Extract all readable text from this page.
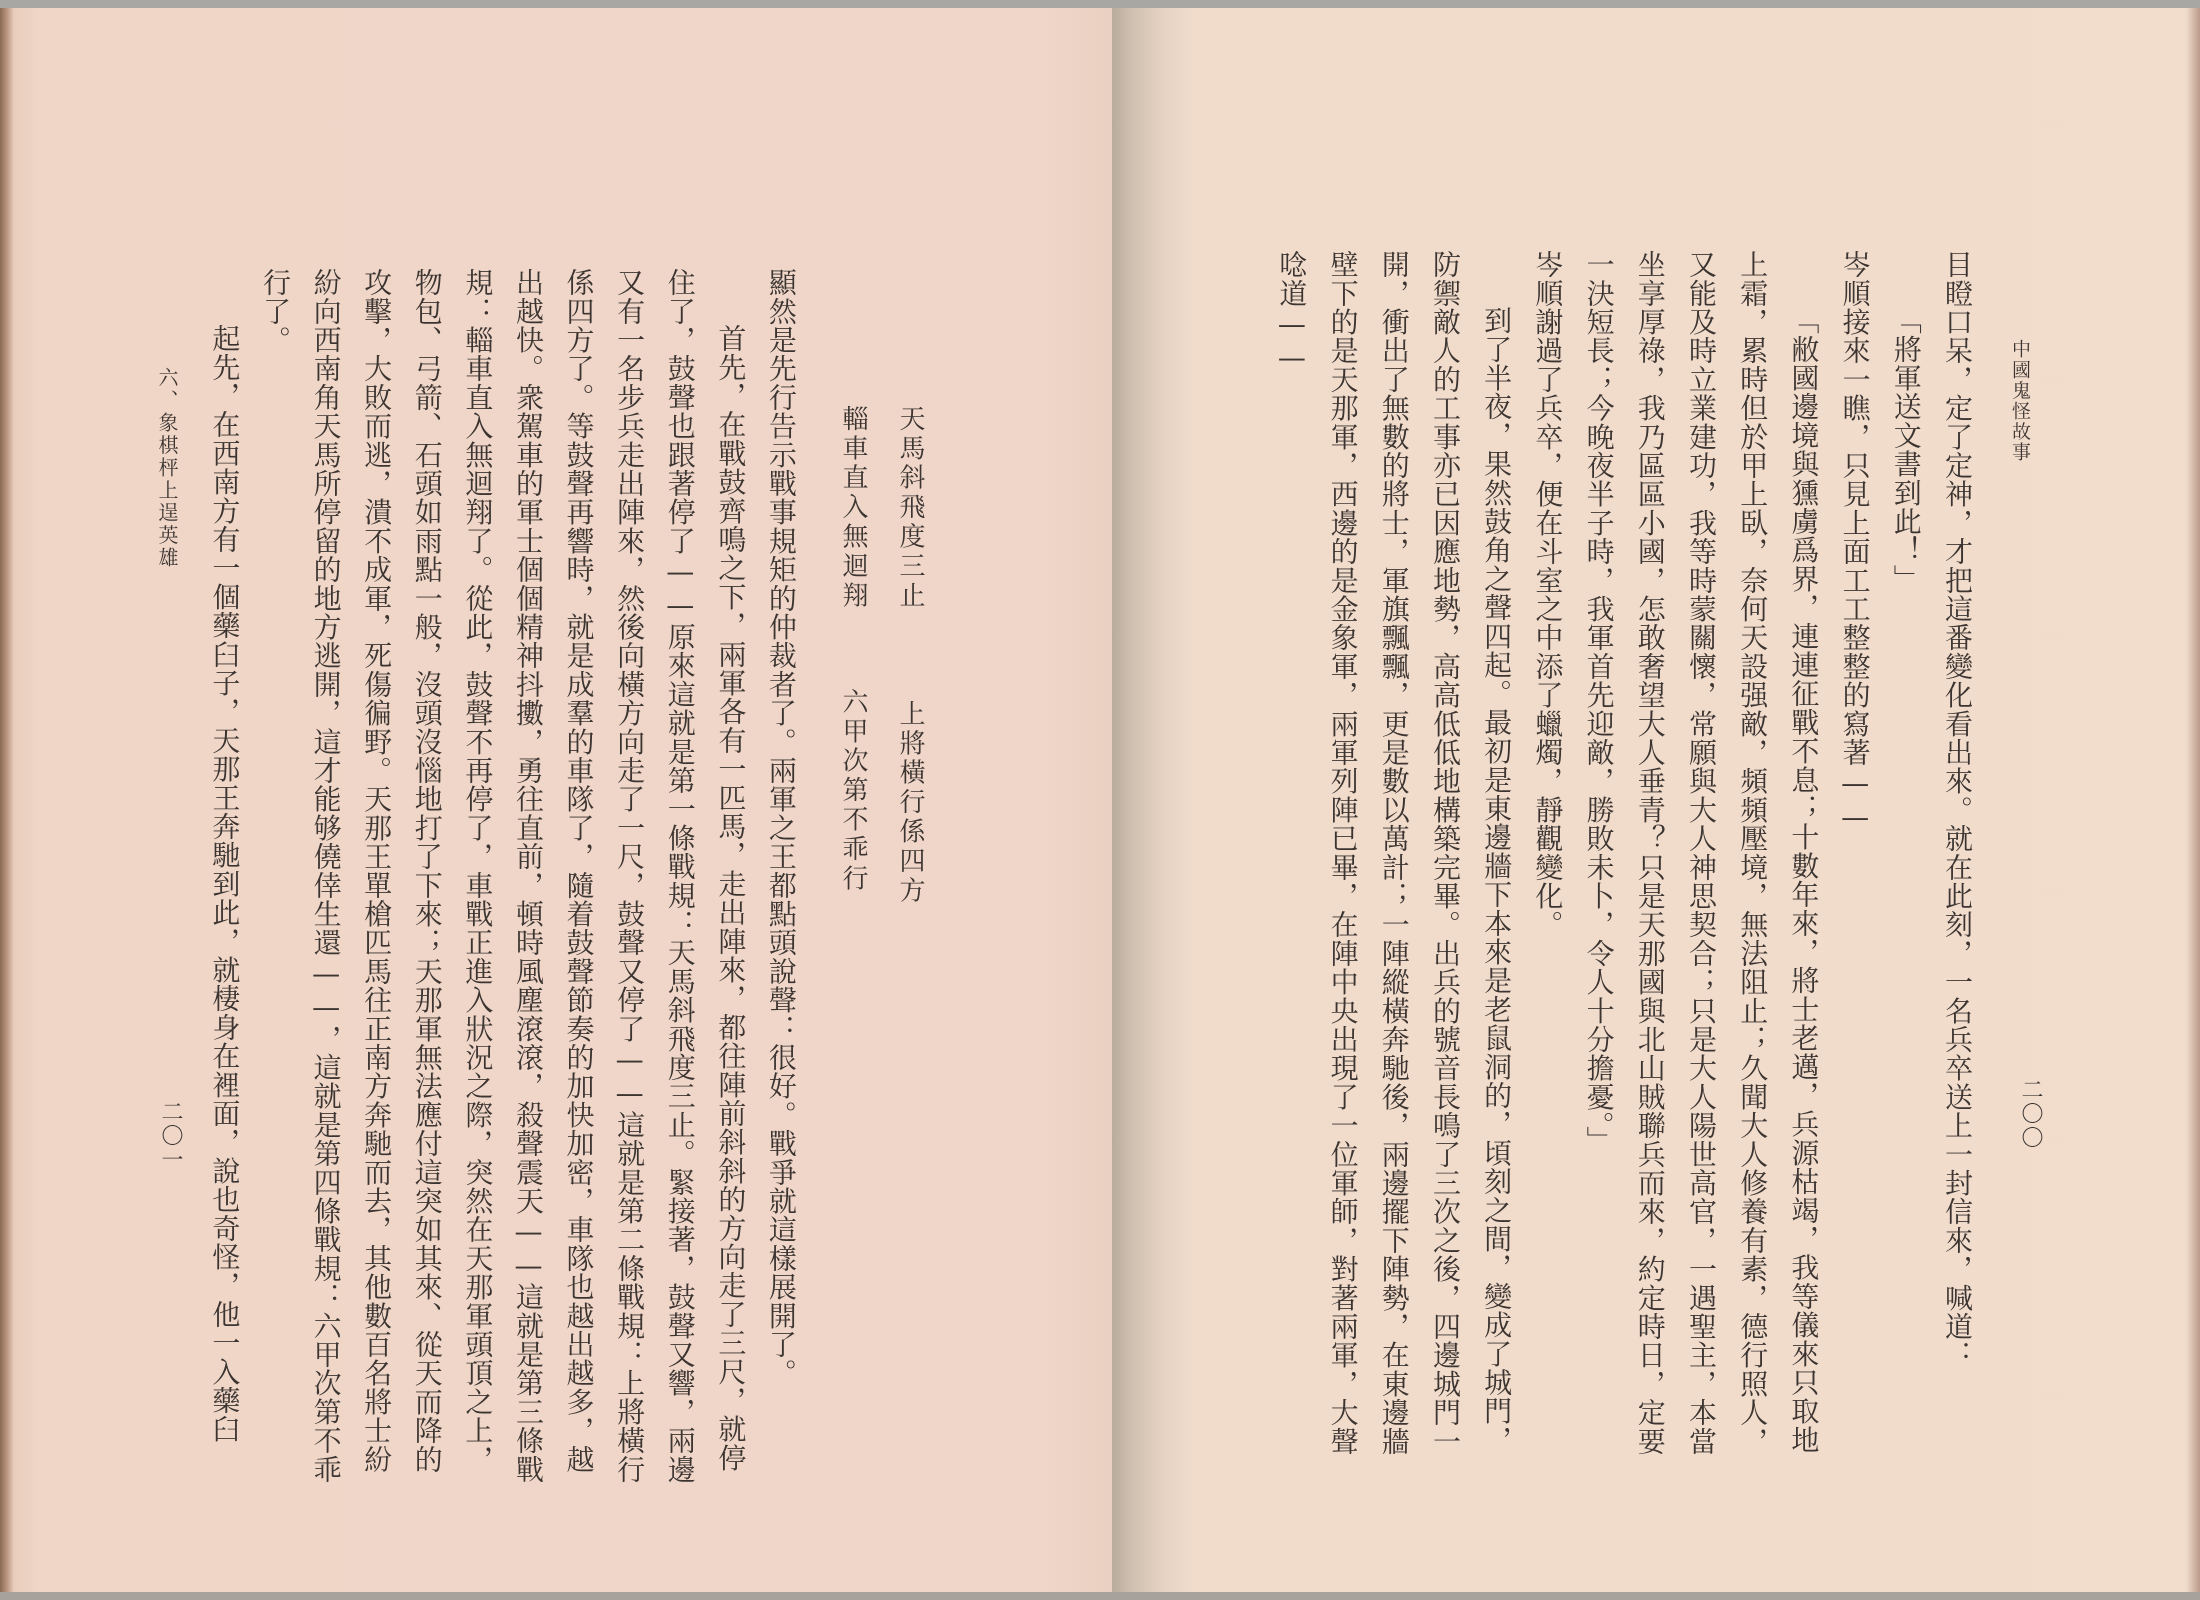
中國鬼怪故事
二〇〇
目瞪口呆，定了定神，才把這番變化看出來。就在此刻，一名兵卒送上一封信來，喊道：
「將軍送文書到此！」
岑順接來一瞧，只見上面工工整整的寫著——
「敝國邊境與獯虜爲界，連連征戰不息；十數年來，將士老邁，兵源枯竭，我等儀來只取地
上霜，累時但於甲上臥，奈何天設强敵，頻頻壓境，無法阻止；久聞大人修養有素，德行照人，
又能及時立業建功，我等時蒙關懷，常願與大人神思契合；只是大人陽世高官，一遇聖主，本當
坐享厚祿，我乃區區小國，怎敢奢望大人垂青？只是天那國與北山賊聯兵而來，約定時日，定要
一決短長；今晚夜半子時，我軍首先迎敵，勝敗未卜，令人十分擔憂。」
岑順謝過了兵卒，便在斗室之中添了蠟燭，靜觀變化。
到了半夜，果然鼓角之聲四起。最初是東邊牆下本來是老鼠洞的，頃刻之間，變成了城門，
防禦敵人的工事亦已因應地勢，高高低低地構築完畢。出兵的號音長鳴了三次之後，四邊城門一
開，衝出了無數的將士，軍旗飄飄，更是數以萬計；一陣縱橫奔馳後，兩邊擺下陣勢，在東邊牆
壁下的是天那軍，西邊的是金象軍，兩軍列陣已畢，在陣中央出現了一位軍師，對著兩軍，大聲
唸道——
天馬斜飛度三止
上將橫行係四方
輜車直入無迴翔
六甲次第不乖行
顯然是先行告示戰事規矩的仲裁者了。兩軍之王都點頭說聲：很好。戰爭就這樣展開了。
首先，在戰鼓齊鳴之下，兩軍各有一匹馬，走出陣來，都往陣前斜斜的方向走了三尺，就停
住了，鼓聲也跟著停了——原來這就是第一條戰規：天馬斜飛度三止。緊接著，鼓聲又響，兩邊
又有一名步兵走出陣來，然後向橫方向走了一尺，鼓聲又停了——這就是第二條戰規：上將橫行
係四方了。等鼓聲再響時，就是成羣的車隊了，隨着鼓聲節奏的加快加密，車隊也越出越多，越
出越快。衆駕車的軍士個個精神抖擻，勇往直前，頓時風塵滾滾，殺聲震天——這就是第三條戰
規：輜車直入無迴翔了。從此，鼓聲不再停了，車戰正進入狀況之際，突然在天那軍頭頂之上，
物包、弓箭、石頭如雨點一般，沒頭沒惱地打了下來；天那軍無法應付這突如其來、從天而降的
攻擊，大敗而逃，潰不成軍，死傷徧野。天那王單槍匹馬往正南方奔馳而去，其他數百名將士紛
紛向西南角天馬所停留的地方逃開，這才能够僥倖生還——，這就是第四條戰規：六甲次第不乖
行了。
起先，在西南方有一個藥臼子，天那王奔馳到此，就棲身在裡面，說也奇怪，他一入藥臼
六、象棋枰上逞英雄
二〇一
